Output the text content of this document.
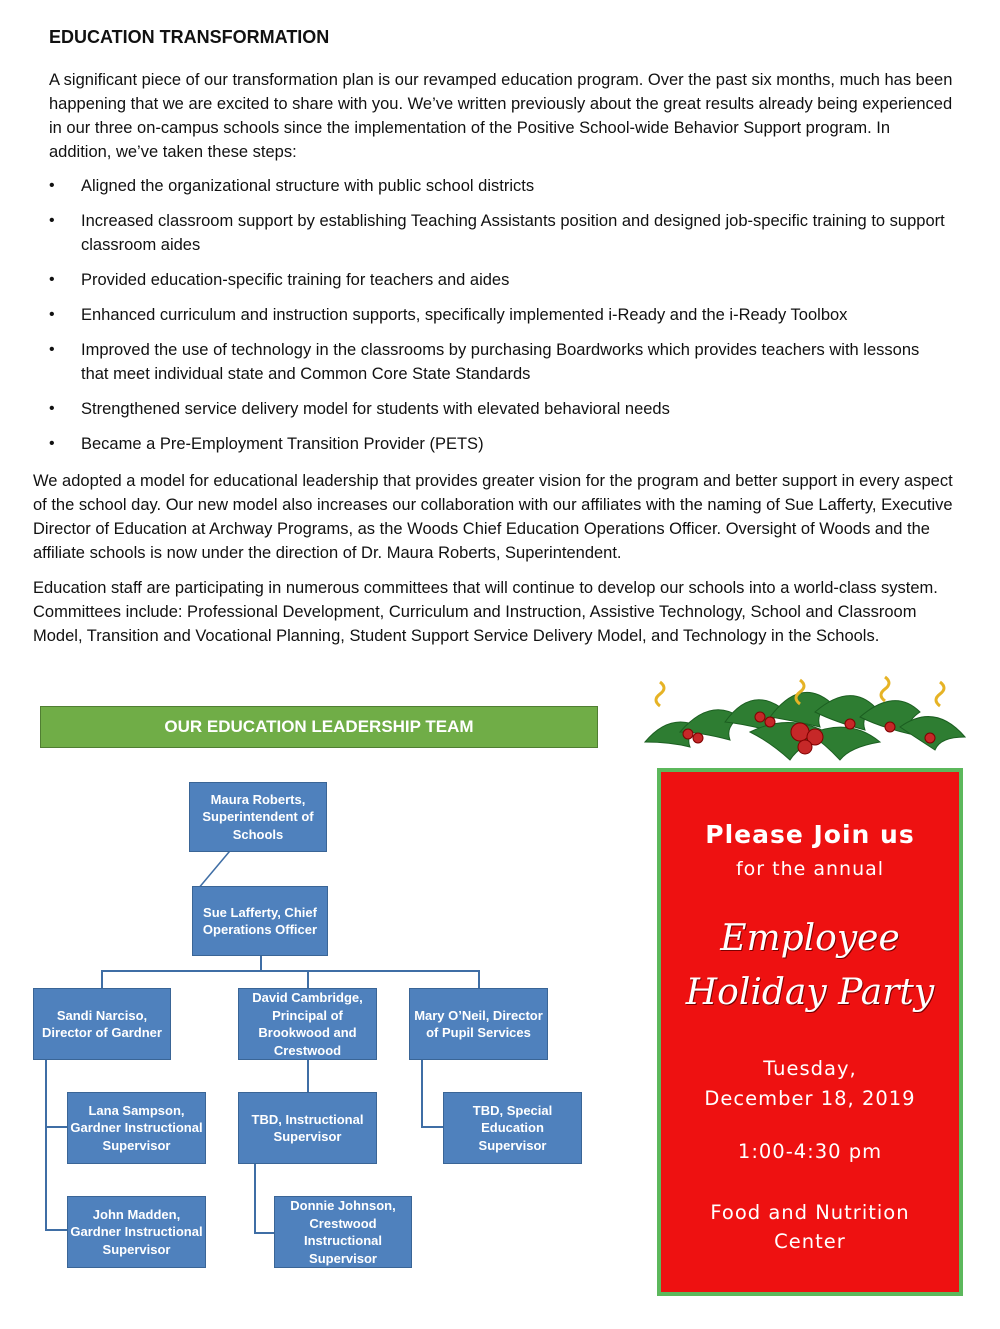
EDUCATION TRANSFORMATION

A significant piece of our transformation plan is our revamped education program. Over the past six months, much has been happening that we are excited to share with you. We’ve written previously about the great results already being experienced in our three on-campus schools since the implementation of the Positive School-wide Behavior Support program. In addition, we’ve taken these steps:

• Aligned the organizational structure with public school districts
• Increased classroom support by establishing Teaching Assistants position and designed job-specific training to support classroom aides
• Provided education-specific training for teachers and aides
• Enhanced curriculum and instruction supports, specifically implemented i-Ready and the i-Ready Toolbox
• Improved the use of technology in the classrooms by purchasing Boardworks which provides teachers with lessons that meet individual state and Common Core State Standards
• Strengthened service delivery model for students with elevated behavioral needs
• Became a Pre-Employment Transition Provider (PETS)

We adopted a model for educational leadership that provides greater vision for the program and better support in every aspect of the school day. Our new model also increases our collaboration with our affiliates with the naming of Sue Lafferty, Executive Director of Education at Archway Programs, as the Woods Chief Education Operations Officer. Oversight of Woods and the affiliate schools is now under the direction of Dr. Maura Roberts, Superintendent.

Education staff are participating in numerous committees that will continue to develop our schools into a world-class system. Committees include: Professional Development, Curriculum and Instruction, Assistive Technology, School and Classroom Model, Transition and Vocational Planning, Student Support Service Delivery Model, and Technology in the Schools.

OUR EDUCATION LEADERSHIP TEAM
Maura Roberts, Superintendent of Schools
Sue Lafferty, Chief Operations Officer
Sandi Narciso, Director of Gardner
David Cambridge, Principal of Brookwood and Crestwood
Mary O’Neil, Director of Pupil Services
Lana Sampson, Gardner Instructional Supervisor
John Madden, Gardner Instructional Supervisor
TBD, Instructional Supervisor
Donnie Johnson, Crestwood Instructional Supervisor
TBD, Special Education Supervisor
Please Join us
for the annual
Employee
Holiday Party
Tuesday,
December 18, 2019
1:00-4:30 pm
Food and Nutrition
Center
